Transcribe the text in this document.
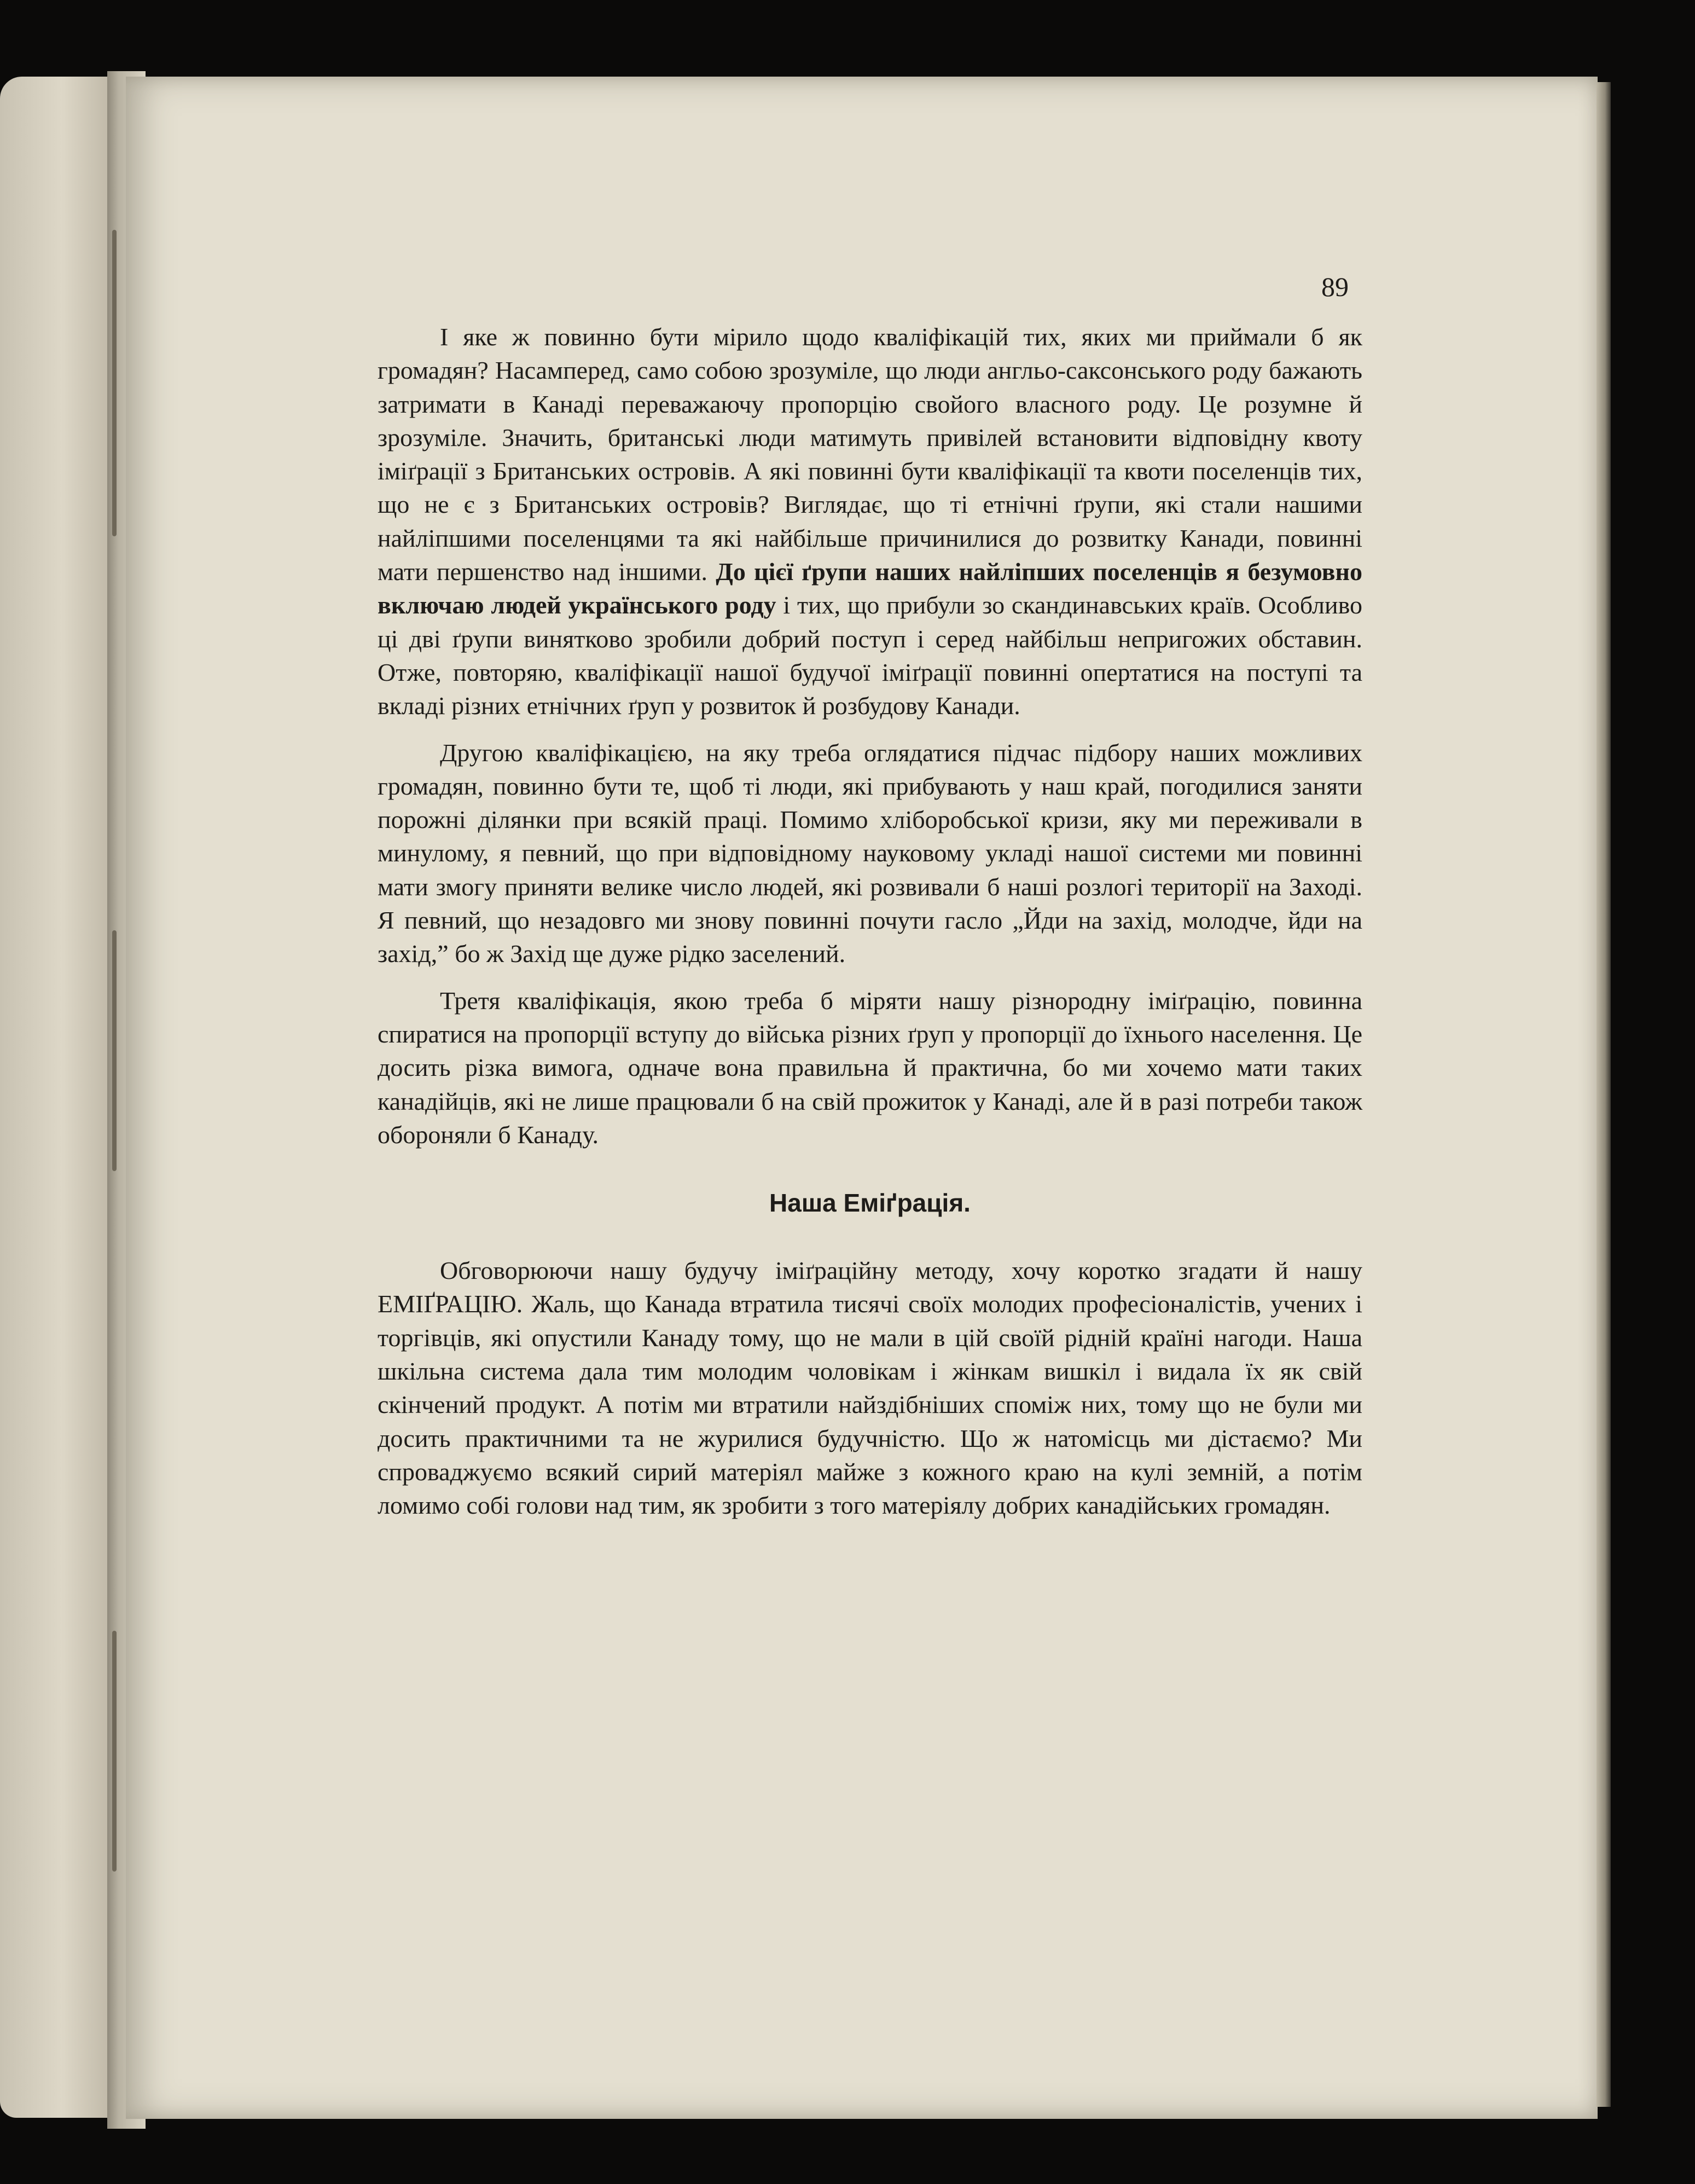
89

І яке ж повинно бути мірило щодо кваліфікацій тих, яких ми приймали б як громадян? Насамперед, само собою зрозуміле, що люди англьо-саксонського роду бажають затримати в Канаді переважаючу пропорцію свойого власного роду. Це розумне й зрозуміле. Значить, британські люди матимуть привілей встановити відповідну квоту іміґрації з Британських островів. А які повинні бути кваліфікації та квоти поселенців тих, що не є з Британських островів? Виглядає, що ті етнічні ґрупи, які стали нашими найліпшими поселенцями та які найбільше причинилися до розвитку Канади, повинні мати першенство над іншими. До цієї ґрупи наших найліпших поселенців я безумовно включаю людей українського роду і тих, що прибули зо скандинавських країв. Особливо ці дві ґрупи винятково зробили добрий поступ і серед найбільш непригожих обставин. Отже, повторяю, кваліфікації нашої будучої іміґрації повинні опертатися на поступі та вкладі різних етнічних ґруп у розвиток й розбудову Канади.

Другою кваліфікацією, на яку треба оглядатися підчас підбору наших можливих громадян, повинно бути те, щоб ті люди, які прибувають у наш край, погодилися заняти порожні ділянки при всякій праці. Помимо хліборобської кризи, яку ми переживали в минулому, я певний, що при відповідному науковому укладі нашої системи ми повинні мати змогу приняти велике число людей, які розвивали б наші розлогі території на Заході. Я певний, що незадовго ми знову повинні почути гасло „Йди на захід, молодче, йди на захід,” бо ж Захід ще дуже рідко заселений.

Третя кваліфікація, якою треба б міряти нашу різнородну іміґрацію, повинна спиратися на пропорції вступу до війська різних ґруп у пропорції до їхнього населення. Це досить різка вимога, одначе вона правильна й практична, бо ми хочемо мати таких канадійців, які не лише працювали б на свій прожиток у Канаді, але й в разі потреби також обороняли б Канаду.

Наша Еміґрація.

Обговорюючи нашу будучу іміґраційну методу, хочу коротко згадати й нашу ЕМІҐРАЦІЮ. Жаль, що Канада втратила тисячі своїх молодих професіоналістів, учених і торгівців, які опустили Канаду тому, що не мали в цій своїй рідній країні нагоди. Наша шкільна система дала тим молодим чоловікам і жінкам вишкіл і видала їх як свій скінчений продукт. А потім ми втратили найздібніших споміж них, тому що не були ми досить практичними та не журилися будучністю. Що ж натомісць ми дістаємо? Ми спроваджуємо всякий сирий матеріял майже з кожного краю на кулі земній, а потім ломимо собі голови над тим, як зробити з того матеріялу добрих канадійських громадян.
